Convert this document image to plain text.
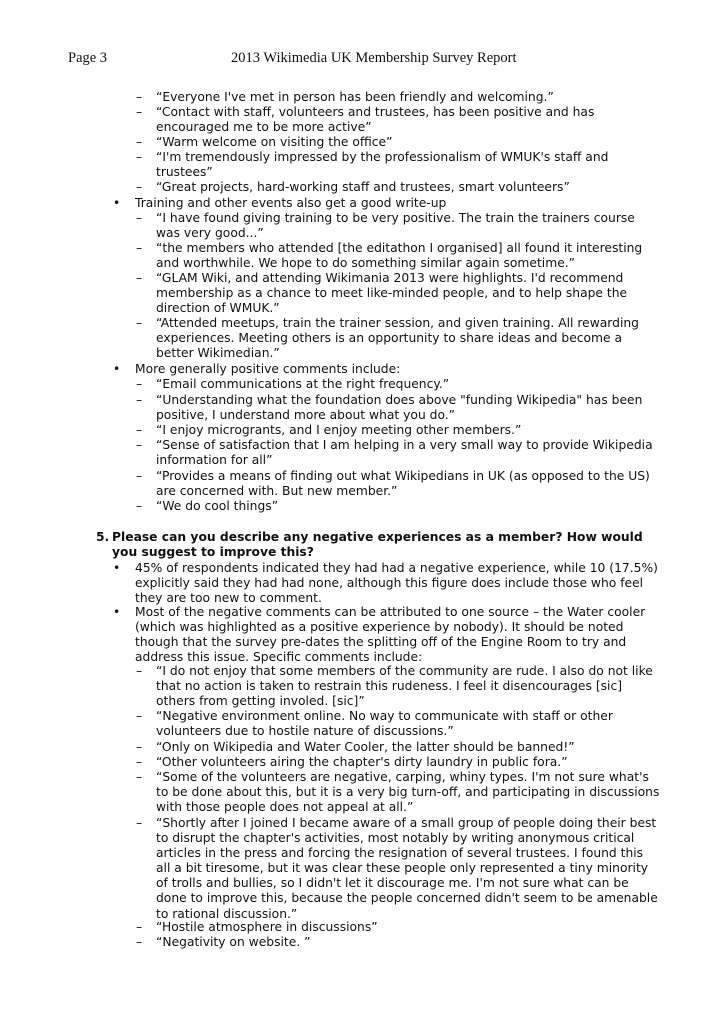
Page 3	2013 Wikimedia UK Membership Survey Report
– “Everyone I've met in person has been friendly and welcoming.”
– “Contact with staff, volunteers and trustees, has been positive and has
encouraged me to be more active”
– “Warm welcome on visiting the office”
– “I'm tremendously impressed by the professionalism of WMUK's staff and
trustees”
– “Great projects, hard-working staff and trustees, smart volunteers”
• Training and other events also get a good write-up
– “I have found giving training to be very positive. The train the trainers course
was very good...”
– “the members who attended [the editathon I organised] all found it interesting
and worthwhile. We hope to do something similar again sometime.”
– “GLAM Wiki, and attending Wikimania 2013 were highlights. I'd recommend
membership as a chance to meet like-minded people, and to help shape the
direction of WMUK.”
– “Attended meetups, train the trainer session, and given training. All rewarding
experiences. Meeting others is an opportunity to share ideas and become a
better Wikimedian.”
• More generally positive comments include:
– “Email communications at the right frequency.”
– “Understanding what the foundation does above "funding Wikipedia" has been
positive, I understand more about what you do.”
– “I enjoy microgrants, and I enjoy meeting other members.”
– “Sense of satisfaction that I am helping in a very small way to provide Wikipedia
information for all”
– “Provides a means of finding out what Wikipedians in UK (as opposed to the US)
are concerned with. But new member.”
– “We do cool things”
5. Please can you describe any negative experiences as a member? How would
you suggest to improve this?
• 45% of respondents indicated they had had a negative experience, while 10 (17.5%)
explicitly said they had had none, although this figure does include those who feel
they are too new to comment.
• Most of the negative comments can be attributed to one source – the Water cooler
(which was highlighted as a positive experience by nobody). It should be noted
though that the survey pre-dates the splitting off of the Engine Room to try and
address this issue. Specific comments include:
– “I do not enjoy that some members of the community are rude. I also do not like
that no action is taken to restrain this rudeness. I feel it disencourages [sic]
others from getting involed. [sic]”
– “Negative environment online. No way to communicate with staff or other
volunteers due to hostile nature of discussions.”
– “Only on Wikipedia and Water Cooler, the latter should be banned!”
– “Other volunteers airing the chapter's dirty laundry in public fora.”
– “Some of the volunteers are negative, carping, whiny types. I'm not sure what's
to be done about this, but it is a very big turn-off, and participating in discussions
with those people does not appeal at all.”
– “Shortly after I joined I became aware of a small group of people doing their best
to disrupt the chapter's activities, most notably by writing anonymous critical
articles in the press and forcing the resignation of several trustees. I found this
all a bit tiresome, but it was clear these people only represented a tiny minority
of trolls and bullies, so I didn't let it discourage me. I'm not sure what can be
done to improve this, because the people concerned didn't seem to be amenable
to rational discussion.”
– “Hostile atmosphere in discussions”
– “Negativity on website. ”
